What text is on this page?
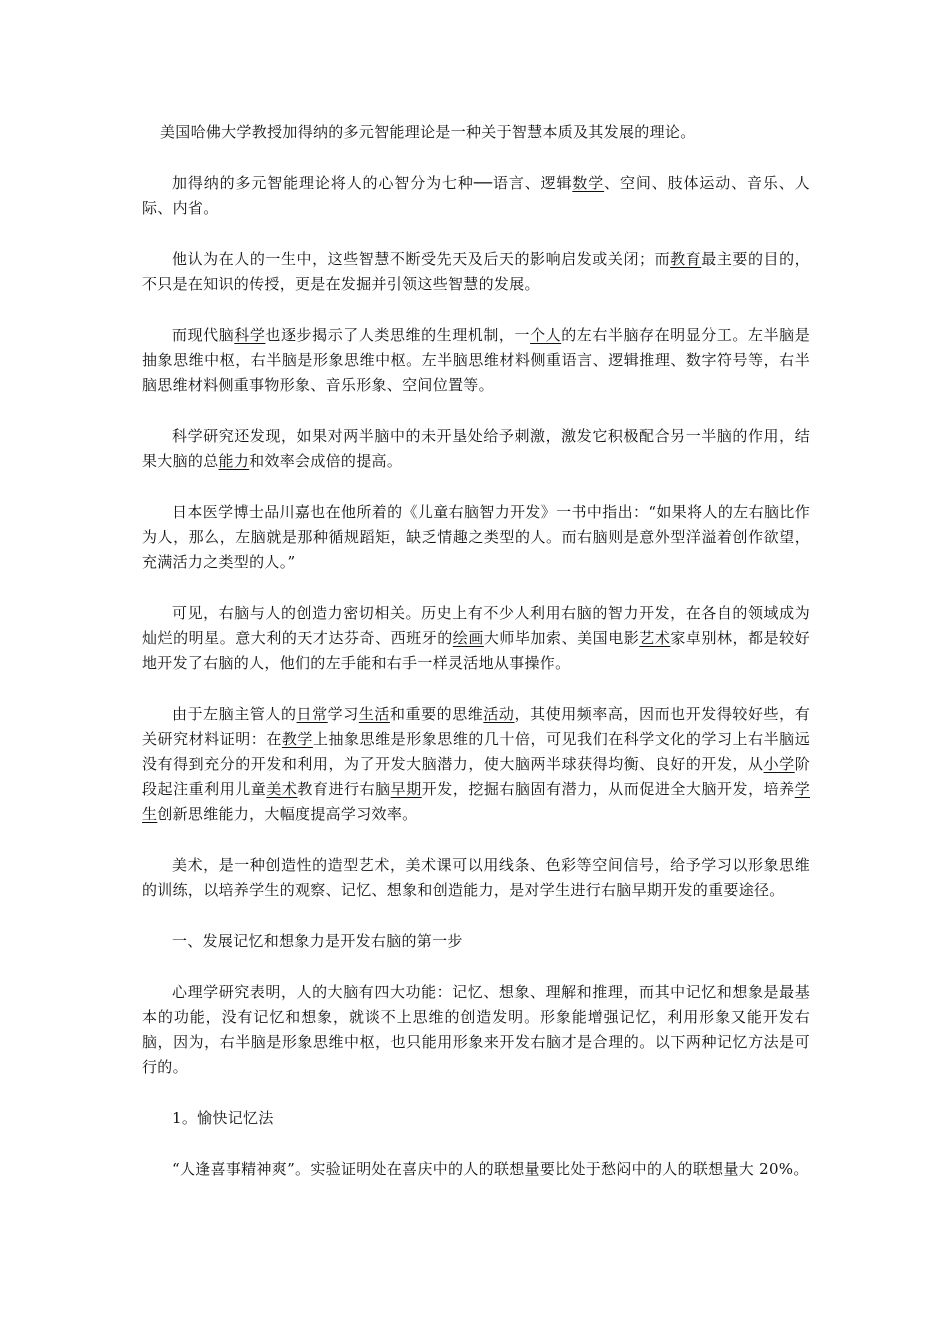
美国哈佛大学教授加得纳的多元智能理论是一种关于智慧本质及其发展的理论。

加得纳的多元智能理论将人的心智分为七种──语言、逻辑数学、空间、肢体运动、音乐、人际、内省。

他认为在人的一生中，这些智慧不断受先天及后天的影响启发或关闭；而教育最主要的目的，不只是在知识的传授，更是在发掘并引领这些智慧的发展。

而现代脑科学也逐步揭示了人类思维的生理机制，一个人的左右半脑存在明显分工。左半脑是抽象思维中枢，右半脑是形象思维中枢。左半脑思维材料侧重语言、逻辑推理、数字符号等，右半脑思维材料侧重事物形象、音乐形象、空间位置等。

科学研究还发现，如果对两半脑中的未开垦处给予刺激，激发它积极配合另一半脑的作用，结果大脑的总能力和效率会成倍的提高。

日本医学博士品川嘉也在他所着的《儿童右脑智力开发》一书中指出：“如果将人的左右脑比作为人，那么，左脑就是那种循规蹈矩，缺乏情趣之类型的人。而右脑则是意外型洋溢着创作欲望，充满活力之类型的人。”

可见，右脑与人的创造力密切相关。历史上有不少人利用右脑的智力开发，在各自的领域成为灿烂的明星。意大利的天才达芬奇、西班牙的绘画大师毕加索、美国电影艺术家卓别林，都是较好地开发了右脑的人，他们的左手能和右手一样灵活地从事操作。

由于左脑主管人的日常学习生活和重要的思维活动，其使用频率高，因而也开发得较好些，有关研究材料证明：在教学上抽象思维是形象思维的几十倍，可见我们在科学文化的学习上右半脑远没有得到充分的开发和利用，为了开发大脑潜力，使大脑两半球获得均衡、良好的开发，从小学阶段起注重利用儿童美术教育进行右脑早期开发，挖掘右脑固有潜力，从而促进全大脑开发，培养学生创新思维能力，大幅度提高学习效率。

美术，是一种创造性的造型艺术，美术课可以用线条、色彩等空间信号，给予学习以形象思维的训练，以培养学生的观察、记忆、想象和创造能力，是对学生进行右脑早期开发的重要途径。

一、发展记忆和想象力是开发右脑的第一步

心理学研究表明，人的大脑有四大功能：记忆、想象、理解和推理，而其中记忆和想象是最基本的功能，没有记忆和想象，就谈不上思维的创造发明。形象能增强记忆，利用形象又能开发右脑，因为，右半脑是形象思维中枢，也只能用形象来开发右脑才是合理的。以下两种记忆方法是可行的。

1。愉快记忆法

“人逢喜事精神爽”。实验证明处在喜庆中的人的联想量要比处于愁闷中的人的联想量大 20%。
